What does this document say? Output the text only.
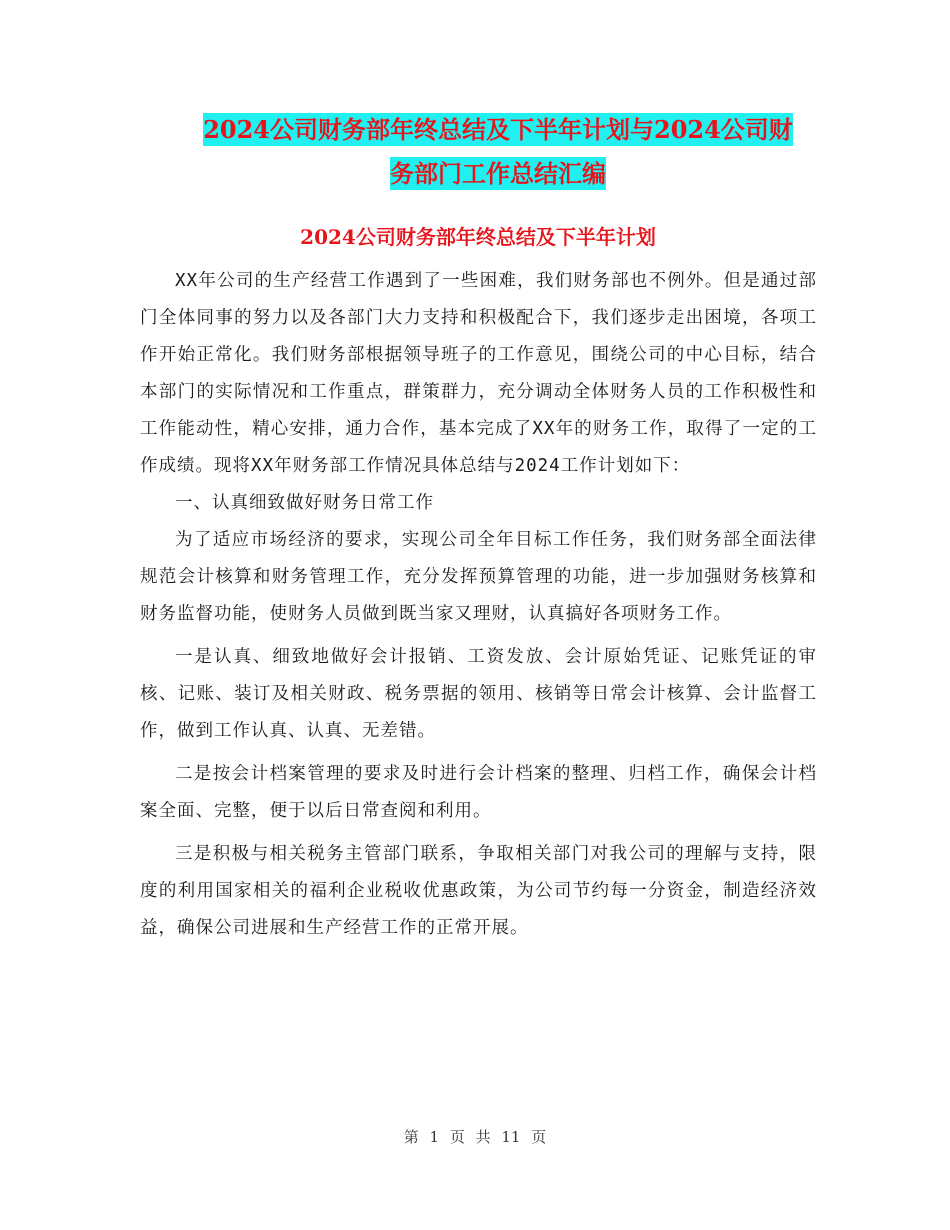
2024公司财务部年终总结及下半年计划与2024公司财
务部门工作总结汇编
2024公司财务部年终总结及下半年计划

XX年公司的生产经营工作遇到了一些困难，我们财务部也不例外。但是通过部门全体同事的努力以及各部门大力支持和积极配合下，我们逐步走出困境，各项工作开始正常化。我们财务部根据领导班子的工作意见，围绕公司的中心目标，结合本部门的实际情况和工作重点，群策群力，充分调动全体财务人员的工作积极性和工作能动性，精心安排，通力合作，基本完成了XX年的财务工作，取得了一定的工作成绩。现将XX年财务部工作情况具体总结与2024工作计划如下：

一、认真细致做好财务日常工作

为了适应市场经济的要求，实现公司全年目标工作任务，我们财务部全面法律规范会计核算和财务管理工作，充分发挥预算管理的功能，进一步加强财务核算和财务监督功能，使财务人员做到既当家又理财，认真搞好各项财务工作。

一是认真、细致地做好会计报销、工资发放、会计原始凭证、记账凭证的审核、记账、装订及相关财政、税务票据的领用、核销等日常会计核算、会计监督工作，做到工作认真、认真、无差错。

二是按会计档案管理的要求及时进行会计档案的整理、归档工作，确保会计档案全面、完整，便于以后日常查阅和利用。

三是积极与相关税务主管部门联系，争取相关部门对我公司的理解与支持，限度的利用国家相关的福利企业税收优惠政策，为公司节约每一分资金，制造经济效益，确保公司进展和生产经营工作的正常开展。

第 1 页 共 11 页
